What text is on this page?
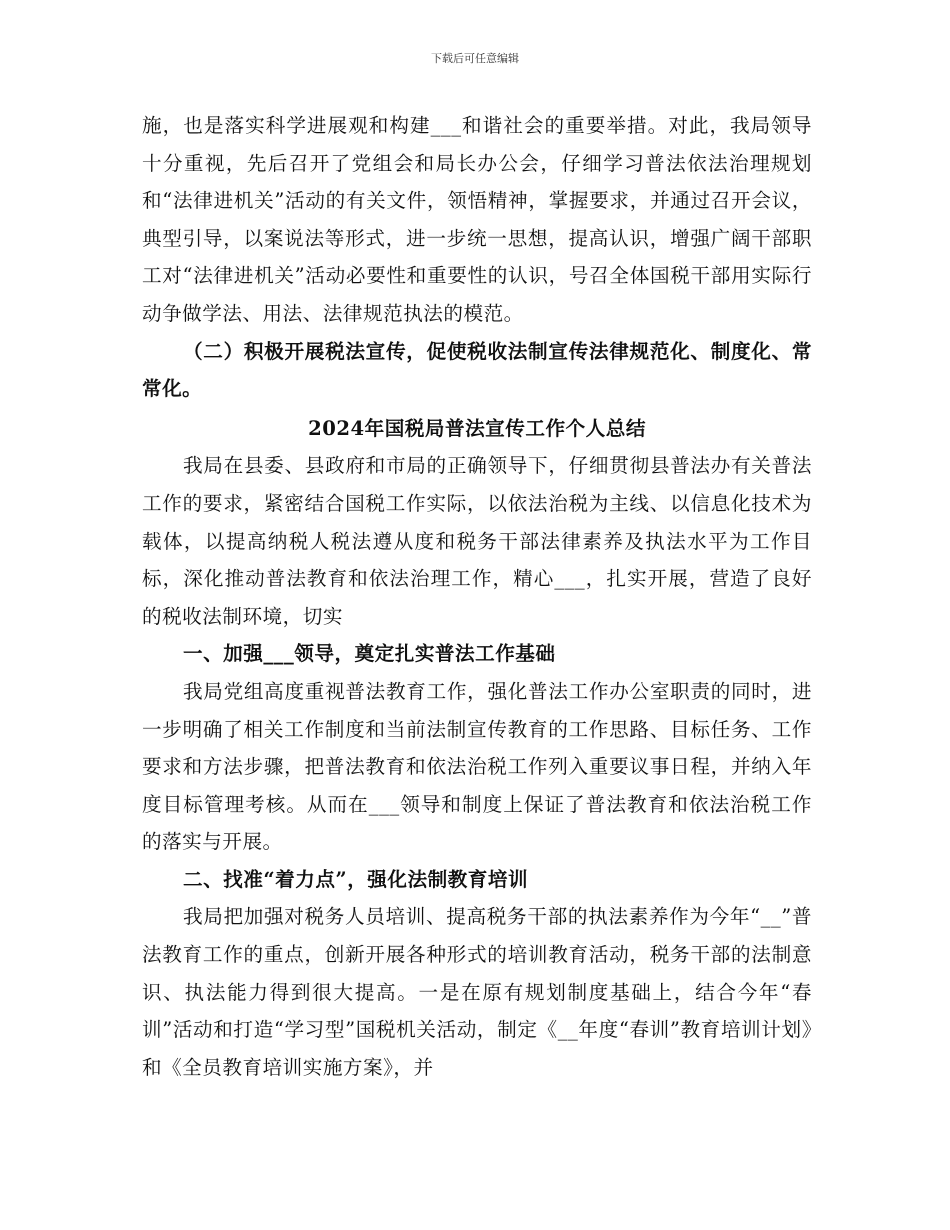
下载后可任意编辑

施，也是落实科学进展观和构建___和谐社会的重要举措。对此，我局领导十分重视，先后召开了党组会和局长办公会，仔细学习普法依法治理规划和“法律进机关”活动的有关文件，领悟精神，掌握要求，并通过召开会议，典型引导，以案说法等形式，进一步统一思想，提高认识，增强广阔干部职工对“法律进机关”活动必要性和重要性的认识，号召全体国税干部用实际行动争做学法、用法、法律规范执法的模范。

（二）积极开展税法宣传，促使税收法制宣传法律规范化、制度化、常常化。

2024年国税局普法宣传工作个人总结

我局在县委、县政府和市局的正确领导下，仔细贯彻县普法办有关普法工作的要求，紧密结合国税工作实际，以依法治税为主线、以信息化技术为载体，以提高纳税人税法遵从度和税务干部法律素养及执法水平为工作目标，深化推动普法教育和依法治理工作，精心___，扎实开展，营造了良好的税收法制环境，切实

一、加强___领导，奠定扎实普法工作基础

我局党组高度重视普法教育工作，强化普法工作办公室职责的同时，进一步明确了相关工作制度和当前法制宣传教育的工作思路、目标任务、工作要求和方法步骤，把普法教育和依法治税工作列入重要议事日程，并纳入年度目标管理考核。从而在___领导和制度上保证了普法教育和依法治税工作的落实与开展。

二、找准“着力点”，强化法制教育培训

我局把加强对税务人员培训、提高税务干部的执法素养作为今年“__”普法教育工作的重点，创新开展各种形式的培训教育活动，税务干部的法制意识、执法能力得到很大提高。一是在原有规划制度基础上，结合今年“春训”活动和打造“学习型”国税机关活动，制定《__年度“春训”教育培训计划》和《全员教育培训实施方案》，并
